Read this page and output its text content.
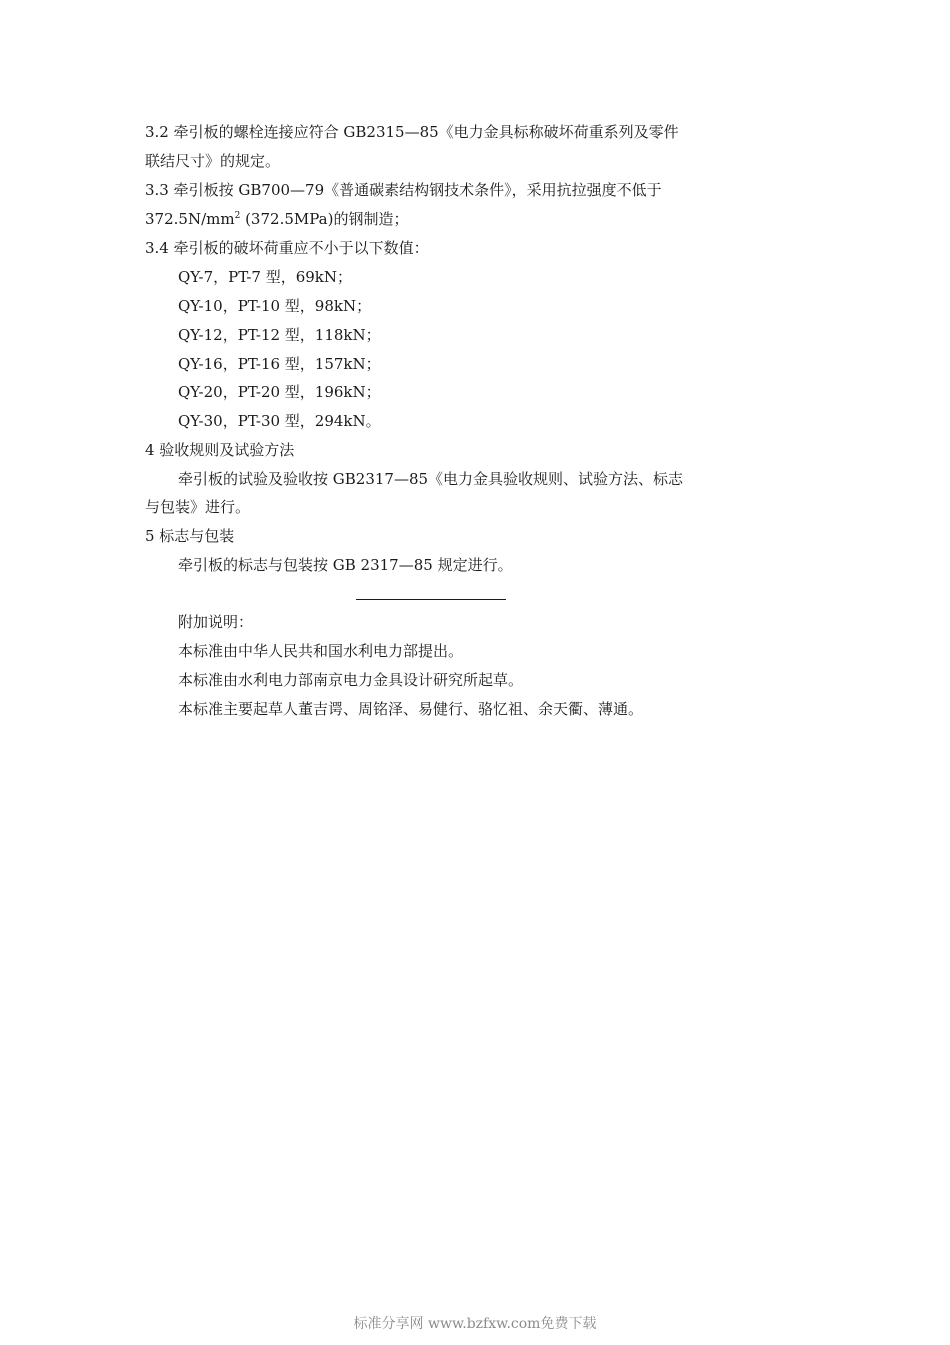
3.2 牵引板的螺栓连接应符合 GB2315—85《电力金具标称破坏荷重系列及零件
联结尺寸》的规定。
3.3 牵引板按 GB700—79《普通碳素结构钢技术条件》，采用抗拉强度不低于
$372.5N/mm^2$ (372.5MPa)的钢制造；
3.4 牵引板的破坏荷重应不小于以下数值：
QY-7，PT-7 型，69kN；
QY-10，PT-10 型，98kN；
QY-12，PT-12 型，118kN；
QY-16，PT-16 型，157kN；
QY-20，PT-20 型，196kN；
QY-30，PT-30 型，294kN。
4 验收规则及试验方法
牵引板的试验及验收按 GB2317—85《电力金具验收规则、试验方法、标志
与包装》进行。
5 标志与包装
牵引板的标志与包装按 GB 2317—85 规定进行。
附加说明：
本标准由中华人民共和国水利电力部提出。
本标准由水利电力部南京电力金具设计研究所起草。
本标准主要起草人董吉谔、周铭泽、易健行、骆忆祖、余天衢、薄通。
标准分享网 www.bzfxw.com免费下载
